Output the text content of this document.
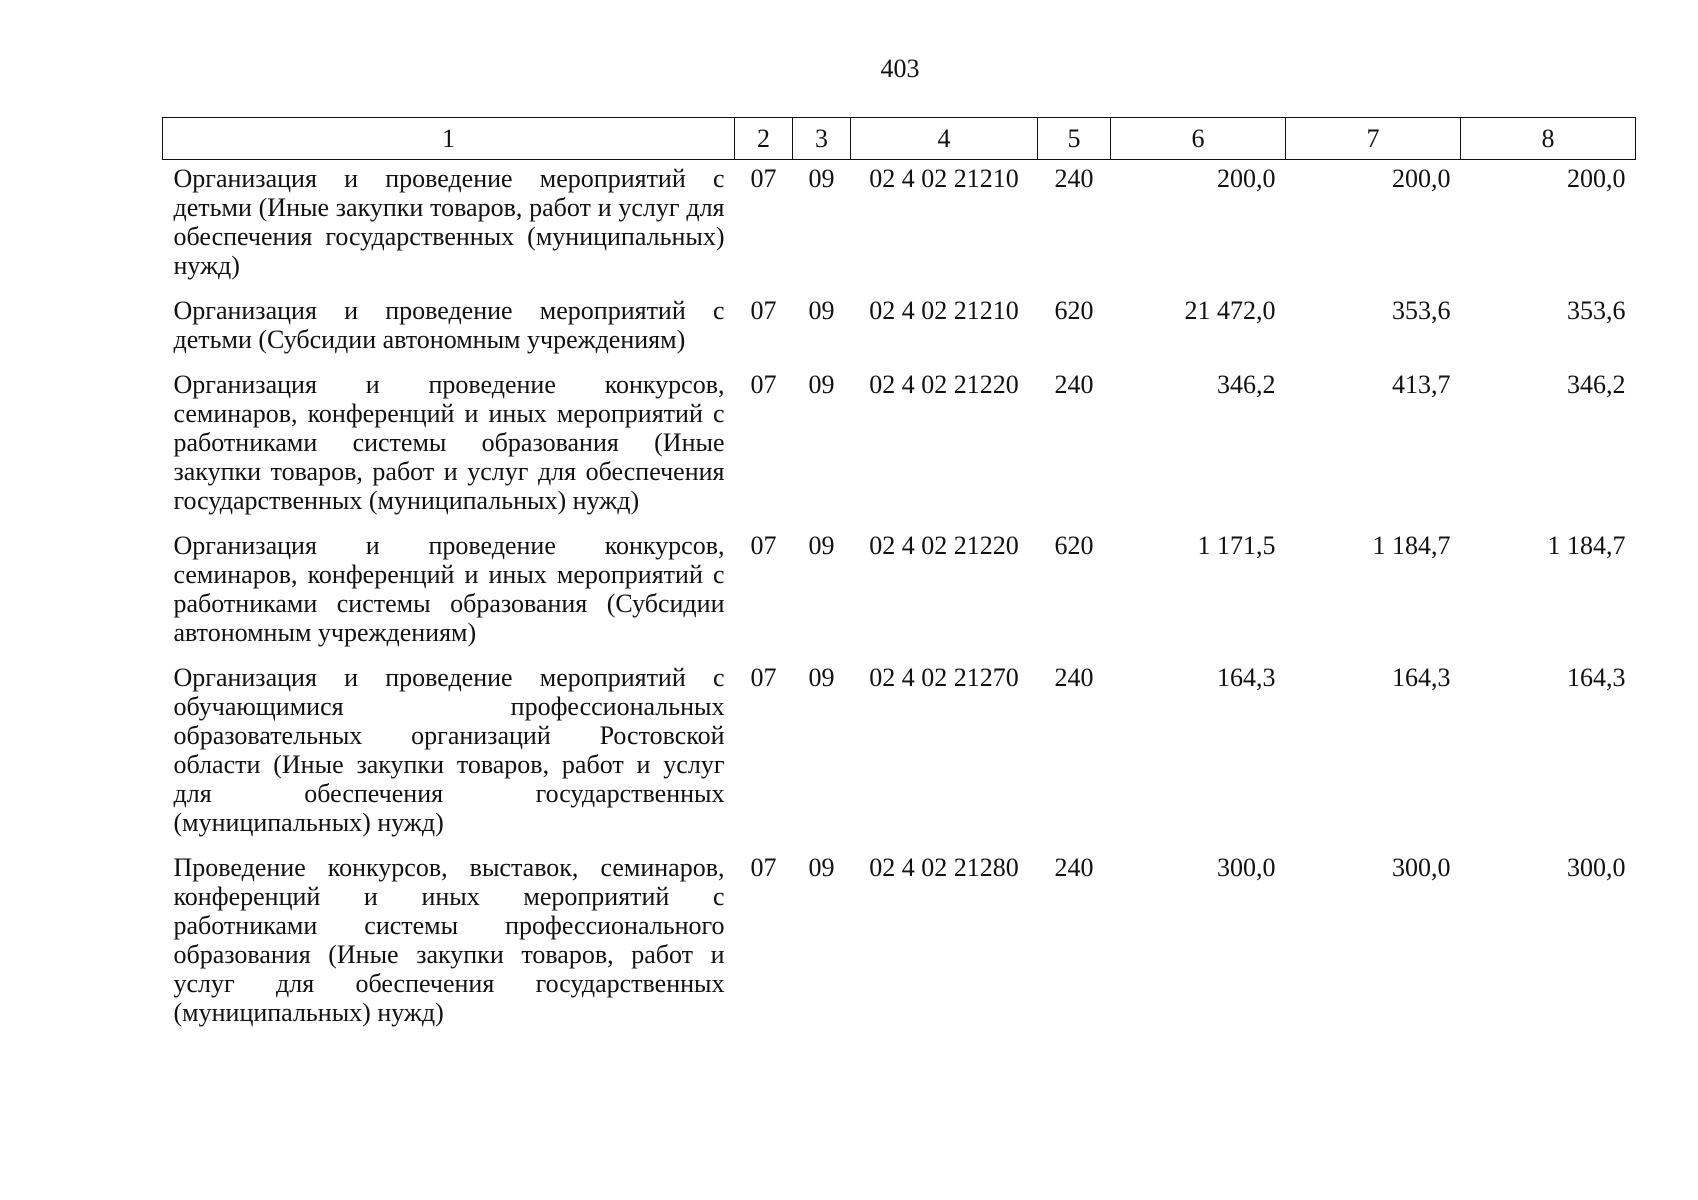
403
1	2	3	4	5	6	7	8
Организация и проведение мероприятий с детьми (Иные закупки товаров, работ и услуг для обеспечения государственных (муниципальных) нужд)	07	09	02 4 02 21210	240	200,0	200,0	200,0
Организация и проведение мероприятий с детьми (Субсидии автономным учреждениям)	07	09	02 4 02 21210	620	21 472,0	353,6	353,6
Организация и проведение конкурсов, семинаров, конференций и иных мероприятий с работниками системы образования (Иные закупки товаров, работ и услуг для обеспечения государственных (муниципальных) нужд)	07	09	02 4 02 21220	240	346,2	413,7	346,2
Организация и проведение конкурсов, семинаров, конференций и иных мероприятий с работниками системы образования (Субсидии автономным учреждениям)	07	09	02 4 02 21220	620	1 171,5	1 184,7	1 184,7
Организация и проведение мероприятий с обучающимися профессиональных образовательных организаций Ростовской области (Иные закупки товаров, работ и услуг для обеспечения государственных (муниципальных) нужд)	07	09	02 4 02 21270	240	164,3	164,3	164,3
Проведение конкурсов, выставок, семинаров, конференций и иных мероприятий с работниками системы профессионального образования (Иные закупки товаров, работ и услуг для обеспечения государственных (муниципальных) нужд)	07	09	02 4 02 21280	240	300,0	300,0	300,0
